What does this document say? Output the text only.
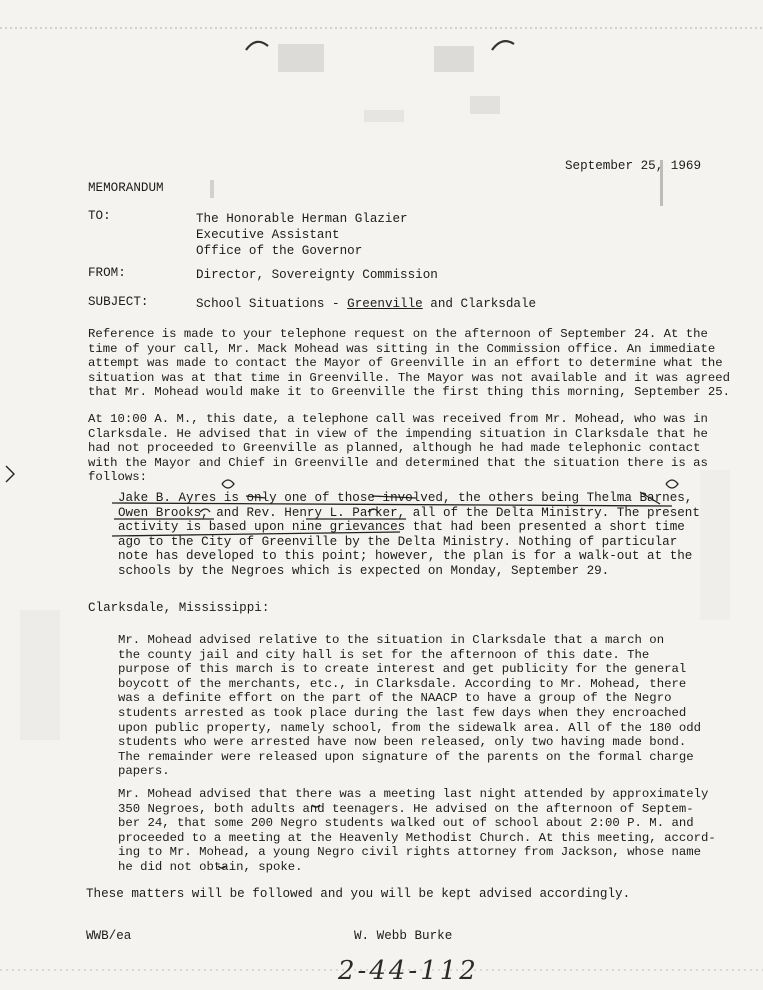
September 25, 1969
MEMORANDUM
TO:	The Honorable Herman Glazier
Executive Assistant
Office of the Governor
FROM:	Director, Sovereignty Commission
SUBJECT:	School Situations - Greenville and Clarksdale
Reference is made to your telephone request on the afternoon of September 24. At the
time of your call, Mr. Mack Mohead was sitting in the Commission office. An immediate
attempt was made to contact the Mayor of Greenville in an effort to determine what the
situation was at that time in Greenville. The Mayor was not available and it was agreed
that Mr. Mohead would make it to Greenville the first thing this morning, September 25.
At 10:00 A. M., this date, a telephone call was received from Mr. Mohead, who was in
Clarksdale. He advised that in view of the impending situation in Clarksdale that he
had not proceeded to Greenville as planned, although he had made telephonic contact
with the Mayor and Chief in Greenville and determined that the situation there is as
follows:
Jake B. Ayres is only one of those involved, the others being Thelma Barnes,
Owen Brooks, and Rev. Henry L. Parker, all of the Delta Ministry. The present
activity is based upon nine grievances that had been presented a short time
ago to the City of Greenville by the Delta Ministry. Nothing of particular
note has developed to this point; however, the plan is for a walk-out at the
schools by the Negroes which is expected on Monday, September 29.
Clarksdale, Mississippi:
Mr. Mohead advised relative to the situation in Clarksdale that a march on
the county jail and city hall is set for the afternoon of this date. The
purpose of this march is to create interest and get publicity for the general
boycott of the merchants, etc., in Clarksdale. According to Mr. Mohead, there
was a definite effort on the part of the NAACP to have a group of the Negro
students arrested as took place during the last few days when they encroached
upon public property, namely school, from the sidewalk area. All of the 180 odd
students who were arrested have now been released, only two having made bond.
The remainder were released upon signature of the parents on the formal charge
papers.
Mr. Mohead advised that there was a meeting last night attended by approximately
350 Negroes, both adults and teenagers. He advised on the afternoon of Septem-
ber 24, that some 200 Negro students walked out of school about 2:00 P. M. and
proceeded to a meeting at the Heavenly Methodist Church. At this meeting, accord-
ing to Mr. Mohead, a young Negro civil rights attorney from Jackson, whose name
he did not obtain, spoke.
These matters will be followed and you will be kept advised accordingly.
WWB/ea	W. Webb Burke
2-44-112
